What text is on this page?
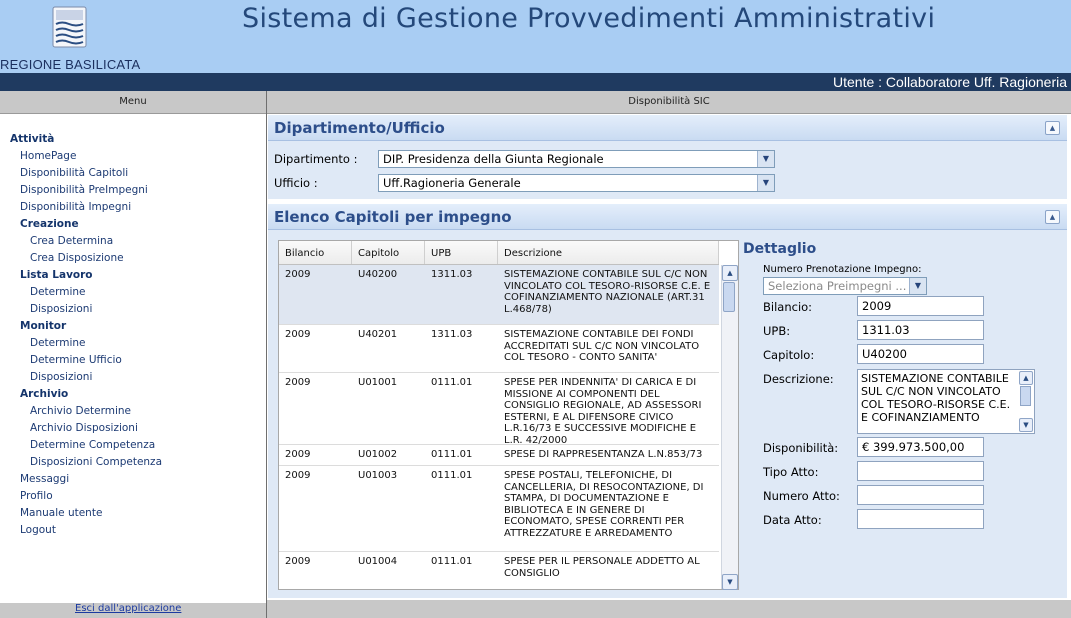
REGIONE BASILICATA
Sistema di Gestione Provvedimenti Amministrativi
Utente : Collaboratore Uff. Ragioneria
Menu
Attività
HomePage
Disponibilità Capitoli
Disponibilità PreImpegni
Disponibilità Impegni
Creazione
Crea Determina
Crea Disposizione
Lista Lavoro
Determine
Disposizioni
Monitor
Determine
Determine Ufficio
Disposizioni
Archivio
Archivio Determine
Archivio Disposizioni
Determine Competenza
Disposizioni Competenza
Messaggi
Profilo
Manuale utente
Logout
Esci dall'applicazione
Disponibilità SIC
Dipartimento/Ufficio	▲
Dipartimento :	DIP. Presidenza della Giunta Regionale	▼
Ufficio :	Uff.Ragioneria Generale	▼
Elenco Capitoli per impegno	▲
Bilancio	Capitolo	UPB	Descrizione
2009	U40200	1311.03	SISTEMAZIONE CONTABILE SUL C/C NON VINCOLATO COL TESORO-RISORSE C.E. E COFINANZIAMENTO NAZIONALE (ART.31 L.468/78)
2009	U40201	1311.03	SISTEMAZIONE CONTABILE DEI FONDI ACCREDITATI SUL C/C NON VINCOLATO COL TESORO - CONTO SANITA'
2009	U01001	0111.01	SPESE PER INDENNITA' DI CARICA E DI MISSIONE AI COMPONENTI DEL CONSIGLIO REGIONALE, AD ASSESSORI ESTERNI, E AL DIFENSORE CIVICO L.R.16/73 E SUCCESSIVE MODIFICHE E L.R. 42/2000
2009	U01002	0111.01	SPESE DI RAPPRESENTANZA L.N.853/73
2009	U01003	0111.01	SPESE POSTALI, TELEFONICHE, DI CANCELLERIA, DI RESOCONTAZIONE, DI STAMPA, DI DOCUMENTAZIONE E BIBLIOTECA E IN GENERE DI ECONOMATO, SPESE CORRENTI PER ATTREZZATURE E ARREDAMENTO
2009	U01004	0111.01	SPESE PER IL PERSONALE ADDETTO AL CONSIGLIO
▲
▼
Dettaglio
Numero Prenotazione Impegno:
Seleziona Preimpegni ...	▼
Bilancio:	2009
UPB:	1311.03
Capitolo:	U40200
Descrizione: SISTEMAZIONE CONTABILE SUL C/C NON VINCOLATO COL TESORO-RISORSE C.E. E COFINANZIAMENTO
▲
▼
Disponibilità:	€ 399.973.500,00
Tipo Atto:
Numero Atto:
Data Atto:
